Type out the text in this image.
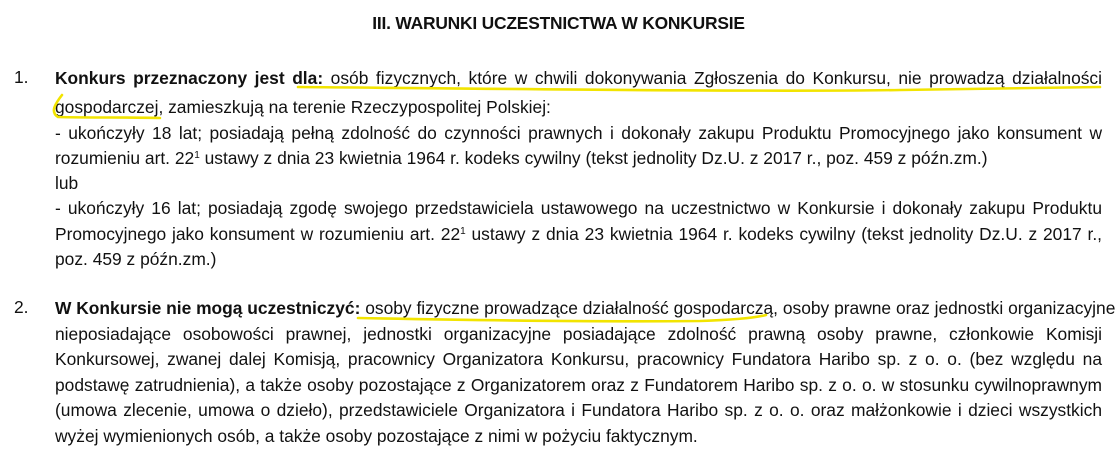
III. WARUNKI UCZESTNICTWA W KONKURSIE
1. Konkurs przeznaczony jest dla: osób fizycznych, które w chwili dokonywania Zgłoszenia do Konkursu, nie prowadzą działalności
gospodarczej, zamieszkują na terenie Rzeczypospolitej Polskiej:
- ukończyły 18 lat; posiadają pełną zdolność do czynności prawnych i dokonały zakupu Produktu Promocyjnego jako konsument w
rozumieniu art. $22^1$ ustawy z dnia 23 kwietnia 1964 r. kodeks cywilny (tekst jednolity Dz.U. z 2017 r., poz. 459 z późn.zm.)
lub
- ukończyły 16 lat; posiadają zgodę swojego przedstawiciela ustawowego na uczestnictwo w Konkursie i dokonały zakupu Produktu
Promocyjnego jako konsument w rozumieniu art. $22^1$ ustawy z dnia 23 kwietnia 1964 r. kodeks cywilny (tekst jednolity Dz.U. z 2017 r.,
poz. 459 z późn.zm.)
2. W Konkursie nie mogą uczestniczyć: osoby fizyczne prowadzące działalność gospodarczą, osoby prawne oraz jednostki organizacyjne
nieposiadające osobowości prawnej, jednostki organizacyjne posiadające zdolność prawną osoby prawne, członkowie Komisji
Konkursowej, zwanej dalej Komisją, pracownicy Organizatora Konkursu, pracownicy Fundatora Haribo sp. z o. o. (bez względu na
podstawę zatrudnienia), a także osoby pozostające z Organizatorem oraz z Fundatorem Haribo sp. z o. o. w stosunku cywilnoprawnym
(umowa zlecenie, umowa o dzieło), przedstawiciele Organizatora i Fundatora Haribo sp. z o. o. oraz małżonkowie i dzieci wszystkich
wyżej wymienionych osób, a także osoby pozostające z nimi w pożyciu faktycznym.
